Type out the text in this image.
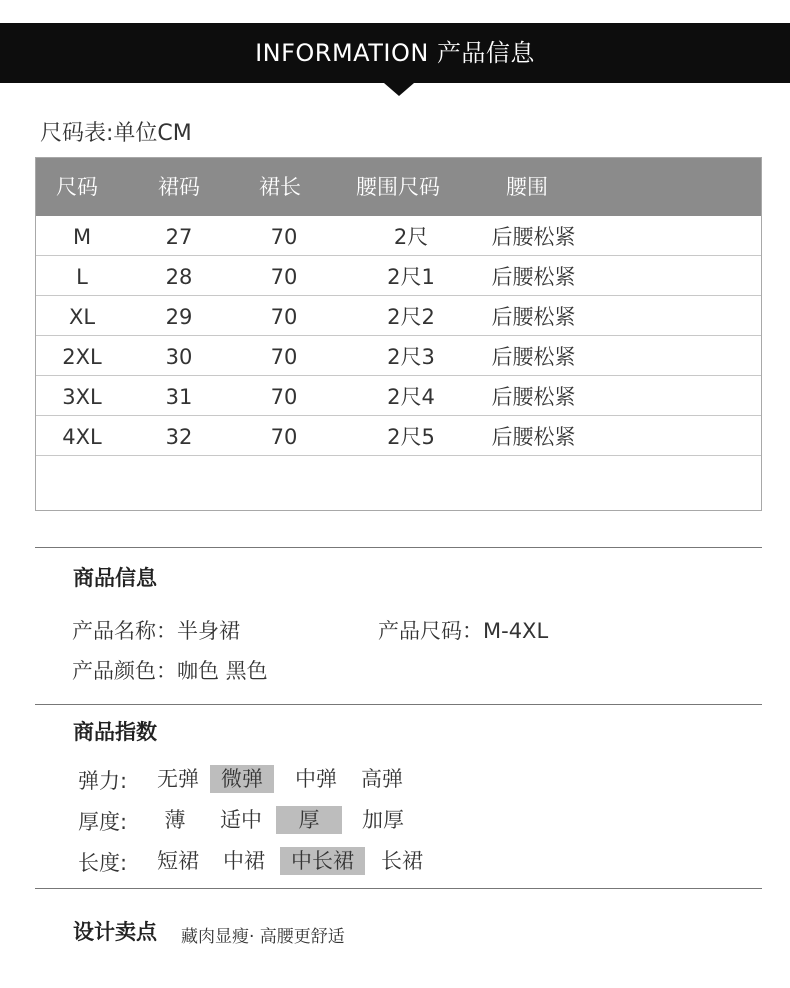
INFORMATION 产品信息
尺码表:单位CM
尺码	裙码	裙长	腰围尺码	腰围
M	27	70	2尺	后腰松紧
L	28	70	2尺1	后腰松紧
XL	29	70	2尺2	后腰松紧
2XL	30	70	2尺3	后腰松紧
3XL	31	70	2尺4	后腰松紧
4XL	32	70	2尺5	后腰松紧
商品信息
产品名称：半身裙	产品尺码：M-4XL
产品颜色：咖色 黑色
商品指数
弹力:	无弹	微弹	中弹	高弹
厚度:	薄	适中	厚	加厚
长度:	短裙	中裙	中长裙	长裙
设计卖点 藏肉显瘦· 高腰更舒适
